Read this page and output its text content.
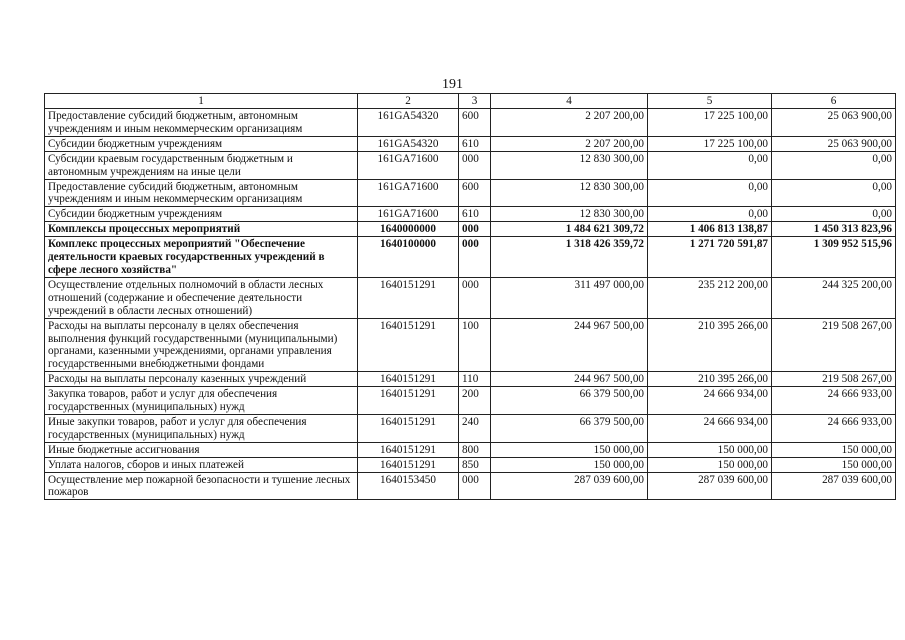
191
1	2	3	4	5	6
Предоставление субсидий бюджетным, автономным учреждениям и иным некоммерческим организациям	161GA54320	600	2 207 200,00	17 225 100,00	25 063 900,00
Субсидии бюджетным учреждениям	161GA54320	610	2 207 200,00	17 225 100,00	25 063 900,00
Субсидии краевым государственным бюджетным и автономным учреждениям на иные цели	161GA71600	000	12 830 300,00	0,00	0,00
Предоставление субсидий бюджетным, автономным учреждениям и иным некоммерческим организациям	161GA71600	600	12 830 300,00	0,00	0,00
Субсидии бюджетным учреждениям	161GA71600	610	12 830 300,00	0,00	0,00
Комплексы процессных мероприятий	1640000000	000	1 484 621 309,72	1 406 813 138,87	1 450 313 823,96
Комплекс процессных мероприятий "Обеспечение деятельности краевых государственных учреждений в сфере лесного хозяйства"	1640100000	000	1 318 426 359,72	1 271 720 591,87	1 309 952 515,96
Осуществление отдельных полномочий в области лесных отношений (содержание и обеспечение деятельности учреждений в области лесных отношений)	1640151291	000	311 497 000,00	235 212 200,00	244 325 200,00
Расходы на выплаты персоналу в целях обеспечения выполнения функций государственными (муниципальными) органами, казенными учреждениями, органами управления государственными внебюджетными фондами	1640151291	100	244 967 500,00	210 395 266,00	219 508 267,00
Расходы на выплаты персоналу казенных учреждений	1640151291	110	244 967 500,00	210 395 266,00	219 508 267,00
Закупка товаров, работ и услуг для обеспечения государственных (муниципальных) нужд	1640151291	200	66 379 500,00	24 666 934,00	24 666 933,00
Иные закупки товаров, работ и услуг для обеспечения государственных (муниципальных) нужд	1640151291	240	66 379 500,00	24 666 934,00	24 666 933,00
Иные бюджетные ассигнования	1640151291	800	150 000,00	150 000,00	150 000,00
Уплата налогов, сборов и иных платежей	1640151291	850	150 000,00	150 000,00	150 000,00
Осуществление мер пожарной безопасности и тушение лесных пожаров	1640153450	000	287 039 600,00	287 039 600,00	287 039 600,00
